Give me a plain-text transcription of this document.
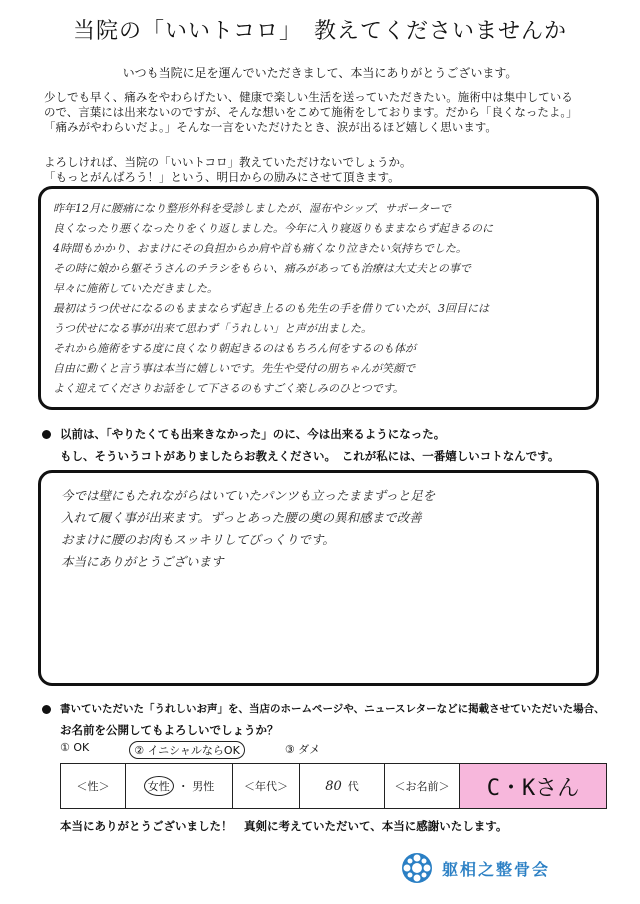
当院の「いいトコロ」　教えてくださいませんか
いつも当院に足を運んでいただきまして、本当にありがとうございます。
少しでも早く、痛みをやわらげたい、健康で楽しい生活を送っていただきたい。施術中は集中している
ので、言葉には出来ないのですが、そんな想いをこめて施術をしております。だから「良くなったよ。」
「痛みがやわらいだよ。」そんな一言をいただけたとき、涙が出るほど嬉しく思います。
よろしければ、当院の「いいトコロ」教えていただけないでしょうか。
「もっとがんばろう！」という、明日からの励みにさせて頂きます。
昨年12月に腰痛になり整形外科を受診しましたが、湿布やシップ、サポーターで
良くなったり悪くなったりをくり返しました。今年に入り寝返りもままならず起きるのに
4時間もかかり、おまけにその負担からか肩や首も痛くなり泣きたい気持ちでした。
その時に娘から躯そうさんのチラシをもらい、痛みがあっても治療は大丈夫との事で
早々に施術していただきました。
最初はうつ伏せになるのもままならず起き上るのも先生の手を借りていたが、3回目には
うつ伏せになる事が出来て思わず「うれしい」と声が出ました。
それから施術をする度に良くなり朝起きるのはもちろん何をするのも体が
自由に動くと言う事は本当に嬉しいです。先生や受付の朋ちゃんが笑顔で
よく迎えてくださりお話をして下さるのもすごく楽しみのひとつです。
以前は、「やりたくても出来きなかった」のに、今は出来るようになった。
もし、そういうコトがありましたらお教えください。　これが私には、一番嬉しいコトなんです。
今では壁にもたれながらはいていたパンツも立ったままずっと足を
入れて履く事が出来ます。ずっとあった腰の奥の異和感まで改善
おまけに腰のお肉もスッキリしてびっくりです。
本当にありがとうございます
書いていただいた「うれしいお声」を、当店のホームページや、ニュースレターなどに掲載させていただいた場合、
お名前を公開してもよろしいでしょうか？
① OK	② イニシャルならOK	③ ダメ
＜性＞	女性 ・ 男性	＜年代＞	80 代	＜お名前＞	C・Kさん
本当にありがとうございました！　真剣に考えていただいて、本当に感謝いたします。
躯相之整骨会
